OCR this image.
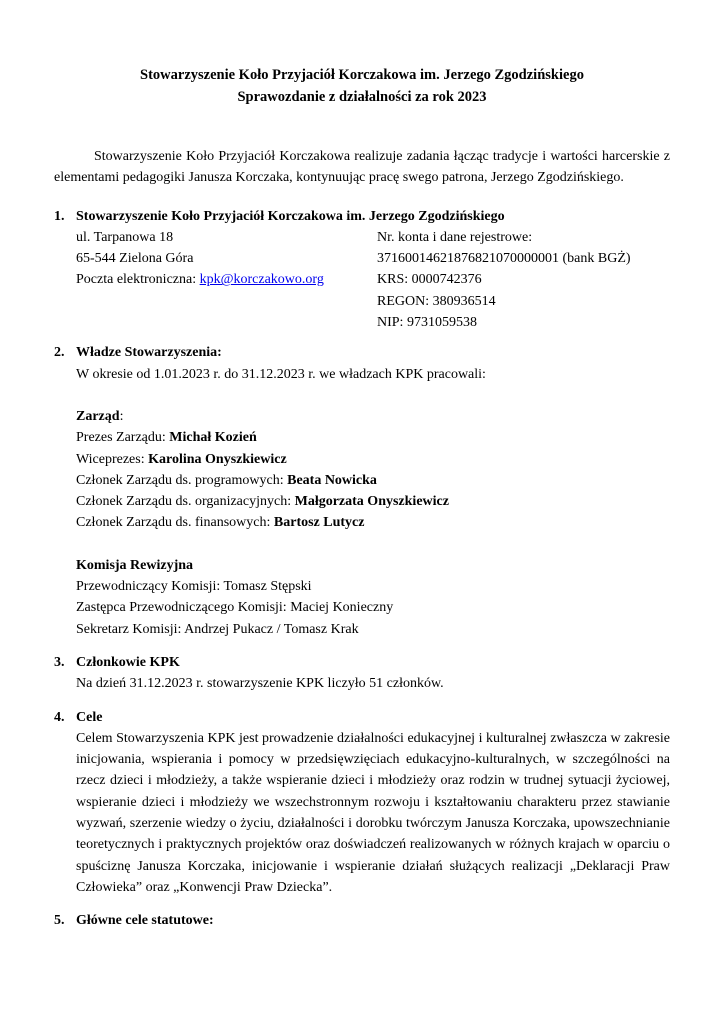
Stowarzyszenie Koło Przyjaciół Korczakowa im. Jerzego Zgodzińskiego
Sprawozdanie z działalności za rok 2023

Stowarzyszenie Koło Przyjaciół Korczakowa realizuje zadania łącząc tradycje i wartości harcerskie z elementami pedagogiki Janusza Korczaka, kontynuując pracę swego patrona, Jerzego Zgodzińskiego.

1. Stowarzyszenie Koło Przyjaciół Korczakowa im. Jerzego Zgodzińskiego
ul. Tarpanowa 18
65-544 Zielona Góra
Poczta elektroniczna: kpk@korczakowo.org
Nr. konta i dane rejestrowe:
37160014621876821070000001 (bank BGŻ)
KRS: 0000742376
REGON: 380936514
NIP: 9731059538
2. Władze Stowarzyszenia:
W okresie od 1.01.2023 r. do 31.12.2023 r. we władzach KPK pracowali:
Zarząd:
Prezes Zarządu: Michał Kozień
Wiceprezes: Karolina Onyszkiewicz
Członek Zarządu ds. programowych: Beata Nowicka
Członek Zarządu ds. organizacyjnych: Małgorzata Onyszkiewicz
Członek Zarządu ds. finansowych: Bartosz Lutycz
Komisja Rewizyjna
Przewodniczący Komisji: Tomasz Stępski
Zastępca Przewodniczącego Komisji: Maciej Konieczny
Sekretarz Komisji: Andrzej Pukacz / Tomasz Krak
3. Członkowie KPK
Na dzień 31.12.2023 r. stowarzyszenie KPK liczyło 51 członków.
4. Cele

Celem Stowarzyszenia KPK jest prowadzenie działalności edukacyjnej i kulturalnej zwłaszcza w zakresie inicjowania, wspierania i pomocy w przedsięwzięciach edukacyjno-kulturalnych, w szczególności na rzecz dzieci i młodzieży, a także wspieranie dzieci i młodzieży oraz rodzin w trudnej sytuacji życiowej, wspieranie dzieci i młodzieży we wszechstronnym rozwoju i kształtowaniu charakteru przez stawianie wyzwań, szerzenie wiedzy o życiu, działalności i dorobku twórczym Janusza Korczaka, upowszechnianie teoretycznych i praktycznych projektów oraz doświadczeń realizowanych w różnych krajach w oparciu o spuściznę Janusza Korczaka, inicjowanie i wspieranie działań służących realizacji „Deklaracji Praw Człowieka” oraz „Konwencji Praw Dziecka”.

5. Główne cele statutowe:
